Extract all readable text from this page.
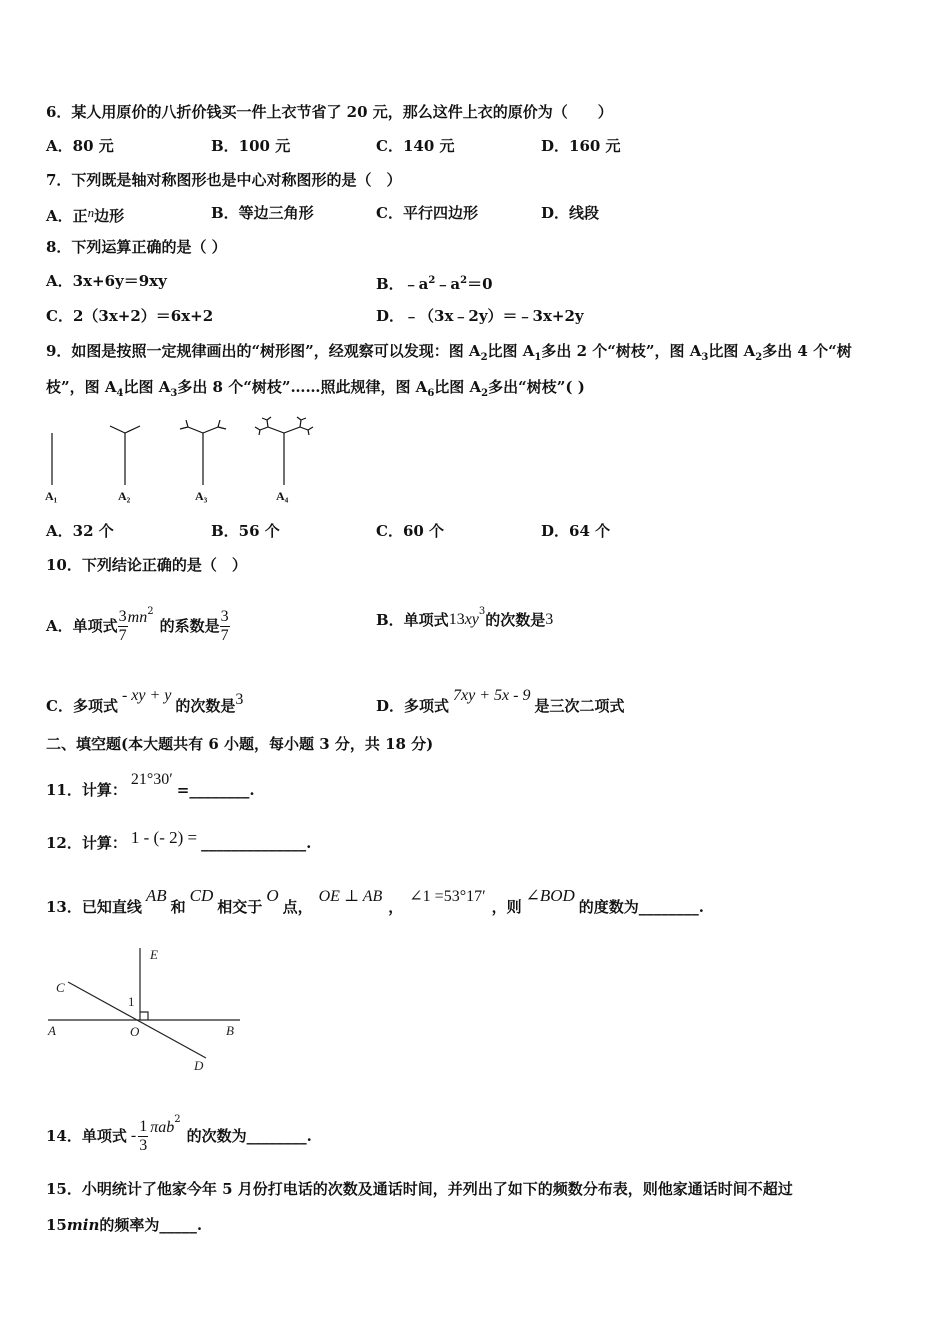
6．某人用原价的八折价钱买一件上衣节省了 20 元，那么这件上衣的原价为（　　）
A．80 元	B．100 元	C．140 元	D．160 元
7．下列既是轴对称图形也是中心对称图形的是（　）
A．正n边形	B．等边三角形	C．平行四边形	D．线段
8．下列运算正确的是（ ）
A．3x+6y＝9xy	B．$﹣a^2﹣a^2=0$
C．2（3x+2）＝6x+2	D．﹣（3x﹣2y）＝﹣3x+2y
9．如图是按照一定规律画出的“树形图”，经观察可以发现：图 $A_2$比图 $A_1$多出 2 个“树枝”，图 $A_3$比图 $A_2$多出 4 个“树
枝”，图 $A_4$比图 $A_3$多出 8 个“树枝”……照此规律，图 $A_6$比图 $A_2$多出“树枝”( )
A₁	A₂	A₃	A₄
A．32 个	B．56 个	C．60 个	D．64 个
10．下列结论正确的是（　）
A．单项式 $\frac{3}{7} mn^2$的系数是 $\frac{3}{7}$	B．单项式$13xy^3$的次数是3
C．多项式- xy + y的次数是3	D．多项式7xy + 5x - 9是三次二项式
二、填空题(本大题共有 6 小题，每小题 3 分，共 18 分)
11．计算：21°30′=________.
12．计算： 1 - (- 2) = ______________.
13．已知直线AB和CD相交于O点，OE ⊥ AB，∠1 =53°17′，则∠BOD的度数为________.
E
C
1
A	O	B
D
14．单项式 - $\frac{1}{3} \pi ab^2$的次数为________.
15．小明统计了他家今年 5 月份打电话的次数及通话时间，并列出了如下的频数分布表，则他家通话时间不超过
15min的频率为_____.
